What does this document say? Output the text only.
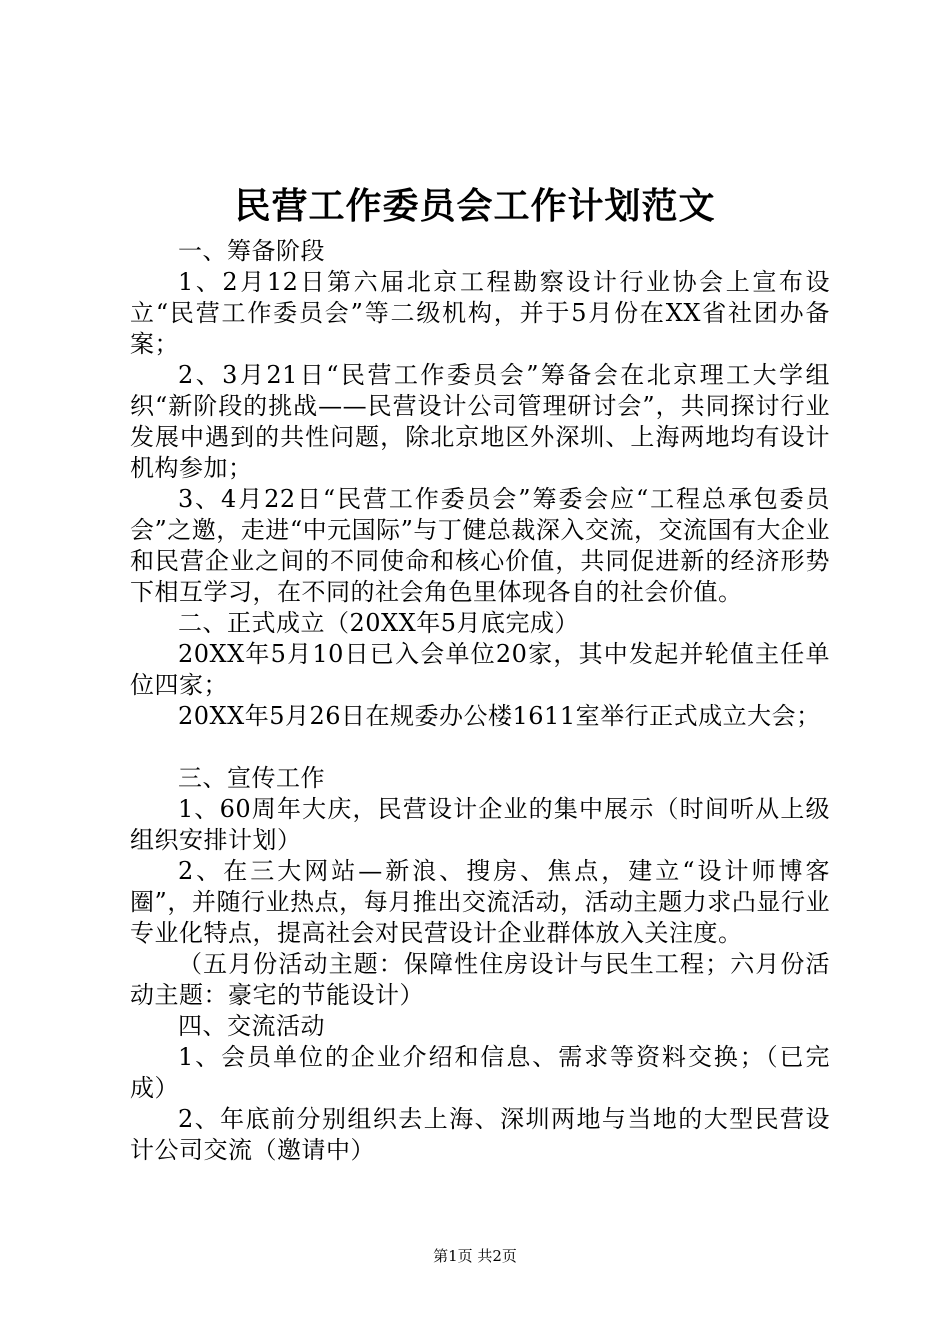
民营工作委员会工作计划范文

一、筹备阶段

1、2月12日第六届北京工程勘察设计行业协会上宣布设立“民营工作委员会”等二级机构，并于5月份在XX省社团办备案；

2、3月21日“民营工作委员会”筹备会在北京理工大学组织“新阶段的挑战——民营设计公司管理研讨会”，共同探讨行业发展中遇到的共性问题，除北京地区外深圳、上海两地均有设计机构参加；

3、4月22日“民营工作委员会”筹委会应“工程总承包委员会”之邀，走进“中元国际”与丁健总裁深入交流，交流国有大企业和民营企业之间的不同使命和核心价值，共同促进新的经济形势下相互学习，在不同的社会角色里体现各自的社会价值。

二、正式成立（20XX年5月底完成）

20XX年5月10日已入会单位20家，其中发起并轮值主任单位四家；

20XX年5月26日在规委办公楼1611室举行正式成立大会；

三、宣传工作

1、60周年大庆，民营设计企业的集中展示（时间听从上级组织安排计划）

2、在三大网站—新浪、搜房、焦点，建立“设计师博客圈”，并随行业热点，每月推出交流活动，活动主题力求凸显行业专业化特点，提高社会对民营设计企业群体放入关注度。

（五月份活动主题：保障性住房设计与民生工程；六月份活动主题：豪宅的节能设计）

四、交流活动

1、会员单位的企业介绍和信息、需求等资料交换；（已完成）

2、年底前分别组织去上海、深圳两地与当地的大型民营设计公司交流（邀请中）

第1页 共2页
